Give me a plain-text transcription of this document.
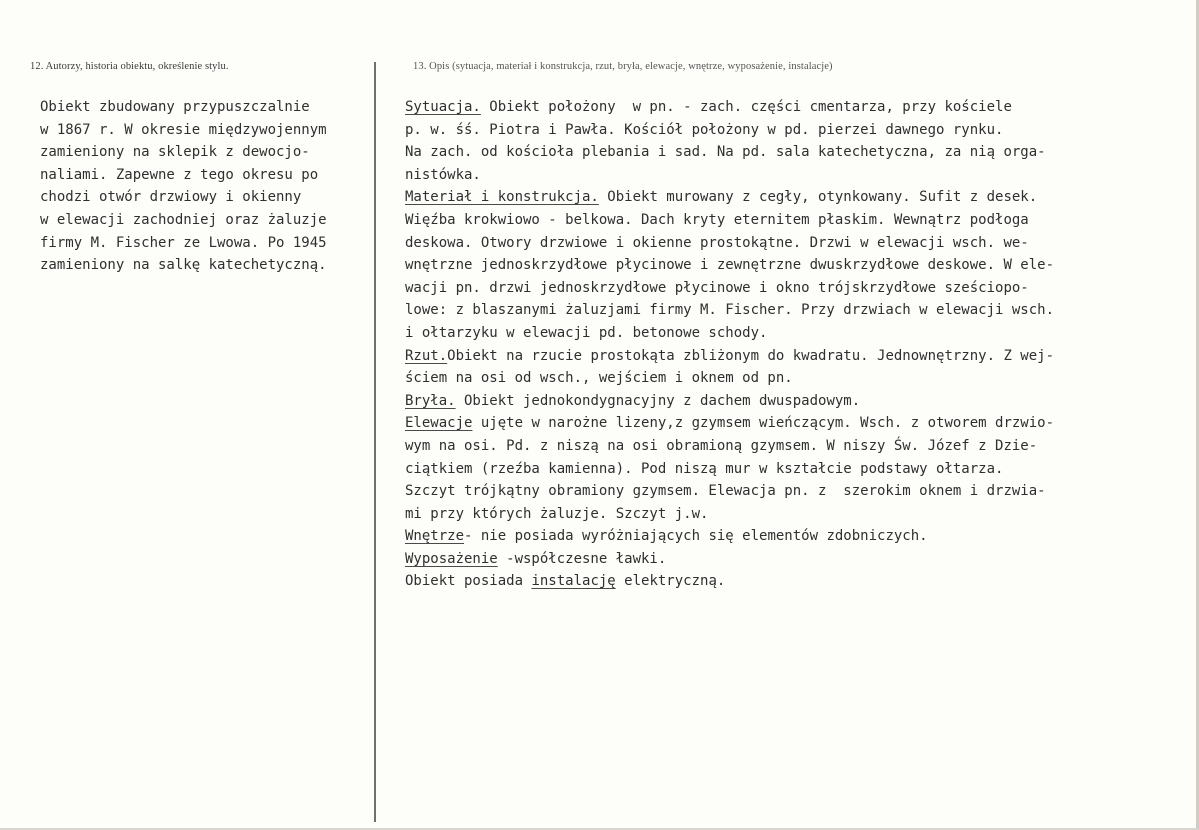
12. Autorzy, historia obiektu, określenie stylu.	13. Opis (sytuacja, materiał i konstrukcja, rzut, bryła, elewacje, wnętrze, wyposażenie, instalacje)
Obiekt zbudowany przypuszczalnie
w 1867 r. W okresie międzywojennym
zamieniony na sklepik z dewocjo-
naliami. Zapewne z tego okresu po
chodzi otwór drzwiowy i okienny
w elewacji zachodniej oraz żaluzje
firmy M. Fischer ze Lwowa. Po 1945
zamieniony na salkę katechetyczną.
Sytuacja. Obiekt położony  w pn. - zach. części cmentarza, przy kościele
p. w. śś. Piotra i Pawła. Kościół położony w pd. pierzei dawnego rynku.
Na zach. od kościoła plebania i sad. Na pd. sala katechetyczna, za nią orga-
nistówka.
Materiał i konstrukcja. Obiekt murowany z cegły, otynkowany. Sufit z desek.
Więźba krokwiowo - belkowa. Dach kryty eternitem płaskim. Wewnątrz podłoga
deskowa. Otwory drzwiowe i okienne prostokątne. Drzwi w elewacji wsch. we-
wnętrzne jednoskrzydłowe płycinowe i zewnętrzne dwuskrzydłowe deskowe. W ele-
wacji pn. drzwi jednoskrzydłowe płycinowe i okno trójskrzydłowe sześciopo-
lowe: z blaszanymi żaluzjami firmy M. Fischer. Przy drzwiach w elewacji wsch.
i ołtarzyku w elewacji pd. betonowe schody.
Rzut.Obiekt na rzucie prostokąta zbliżonym do kwadratu. Jednownętrzny. Z wej-
ściem na osi od wsch., wejściem i oknem od pn.
Bryła. Obiekt jednokondygnacyjny z dachem dwuspadowym.
Elewacje ujęte w narożne lizeny,z gzymsem wieńczącym. Wsch. z otworem drzwio-
wym na osi. Pd. z niszą na osi obramioną gzymsem. W niszy Św. Józef z Dzie-
ciątkiem (rzeźba kamienna). Pod niszą mur w kształcie podstawy ołtarza.
Szczyt trójkątny obramiony gzymsem. Elewacja pn. z  szerokim oknem i drzwia-
mi przy których żaluzje. Szczyt j.w.
Wnętrze- nie posiada wyróżniających się elementów zdobniczych.
Wyposażenie -współczesne ławki.
Obiekt posiada instalację elektryczną.
